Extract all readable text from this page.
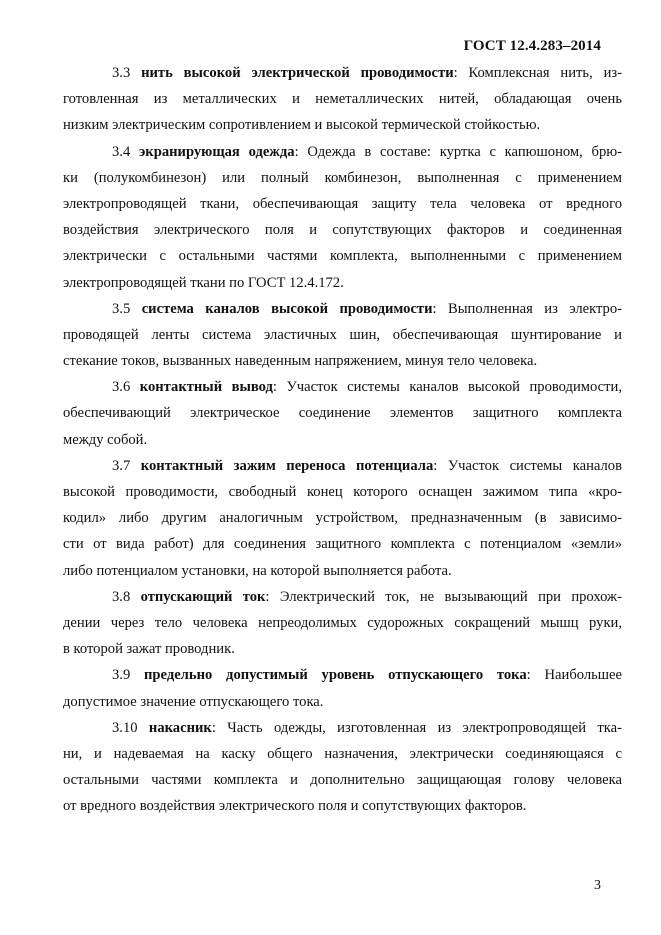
ГОСТ 12.4.283–2014
3.3 нить высокой электрической проводимости: Комплексная нить, из-
готовленная из металлических и неметаллических нитей, обладающая очень
низким электрическим сопротивлением и высокой термической стойкостью.
3.4 экранирующая одежда: Одежда в составе: куртка с капюшоном, брю-
ки (полукомбинезон) или полный комбинезон, выполненная с применением
электропроводящей ткани, обеспечивающая защиту тела человека от вредного
воздействия электрического поля и сопутствующих факторов и соединенная
электрически с остальными частями комплекта, выполненными с применением
электропроводящей ткани по ГОСТ 12.4.172.
3.5 система каналов высокой проводимости: Выполненная из электро-
проводящей ленты система эластичных шин, обеспечивающая шунтирование и
стекание токов, вызванных наведенным напряжением, минуя тело человека.
3.6 контактный вывод: Участок системы каналов высокой проводимости,
обеспечивающий электрическое соединение элементов защитного комплекта
между собой.
3.7 контактный зажим переноса потенциала: Участок системы каналов
высокой проводимости, свободный конец которого оснащен зажимом типа «кро-
кодил» либо другим аналогичным устройством, предназначенным (в зависимо-
сти от вида работ) для соединения защитного комплекта с потенциалом «земли»
либо потенциалом установки, на которой выполняется работа.
3.8 отпускающий ток: Электрический ток, не вызывающий при прохож-
дении через тело человека непреодолимых судорожных сокращений мышц руки,
в которой зажат проводник.
3.9 предельно допустимый уровень отпускающего тока: Наибольшее
допустимое значение отпускающего тока.
3.10 накасник: Часть одежды, изготовленная из электропроводящей тка-
ни, и надеваемая на каску общего назначения, электрически соединяющаяся с
остальными частями комплекта и дополнительно защищающая голову человека
от вредного воздействия электрического поля и сопутствующих факторов.
3
